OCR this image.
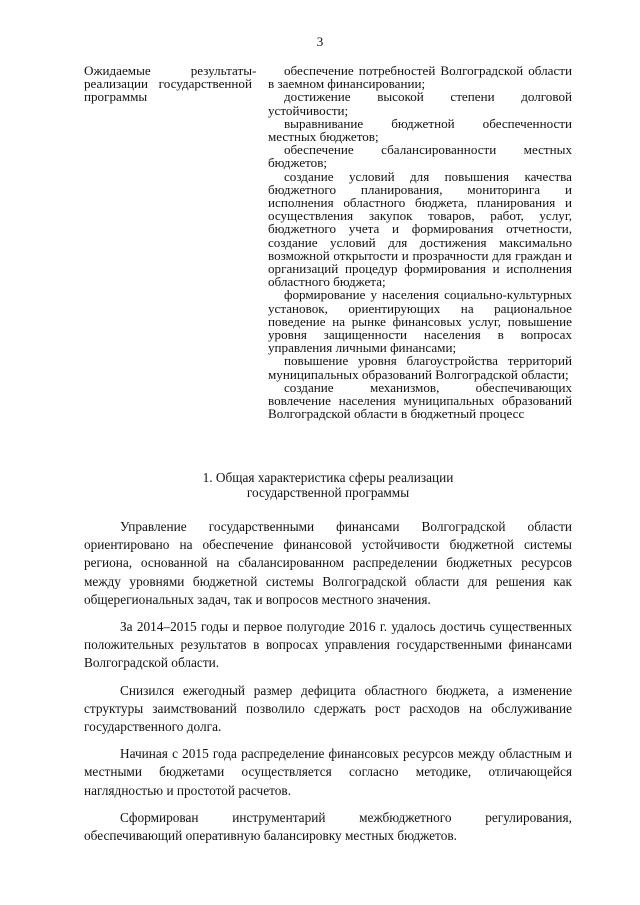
3
Ожидаемые результаты реализации государственной программы
-	обеспечение потребностей Волгоградской области в заемном финансировании;

достижение высокой степени долговой устойчивости;

выравнивание бюджетной обеспеченности местных бюджетов;

обеспечение сбалансированности местных бюджетов;

создание условий для повышения качества бюджетного планирования, мониторинга и исполнения областного бюджета, планирования и осуществления закупок товаров, работ, услуг, бюджетного учета и формирования отчетности, создание условий для достижения максимально возможной открытости и прозрачности для граждан и организаций процедур формирования и исполнения областного бюджета;

формирование у населения социально-культурных установок, ориентирующих на рациональное поведение на рынке финансовых услуг, повышение уровня защищенности населения в вопросах управления личными финансами;

повышение уровня благоустройства территорий муниципальных образований Волгоградской области;

создание механизмов, обеспечивающих вовлечение населения муниципальных образований Волгоградской области в бюджетный процесс

1. Общая характеристика сферы реализации
государственной программы

Управление государственными финансами Волгоградской области ориентировано на обеспечение финансовой устойчивости бюджетной системы региона, основанной на сбалансированном распределении бюджетных ресурсов между уровнями бюджетной системы Волгоградской области для решения как общерегиональных задач, так и вопросов местного значения.

За 2014–2015 годы и первое полугодие 2016 г. удалось достичь существенных положительных результатов в вопросах управления государственными финансами Волгоградской области.

Снизился ежегодный размер дефицита областного бюджета, а изменение структуры заимствований позволило сдержать рост расходов на обслуживание государственного долга.

Начиная с 2015 года распределение финансовых ресурсов между областным и местными бюджетами осуществляется согласно методике, отличающейся наглядностью и простотой расчетов.

Сформирован инструментарий межбюджетного регулирования, обеспечивающий оперативную балансировку местных бюджетов.
